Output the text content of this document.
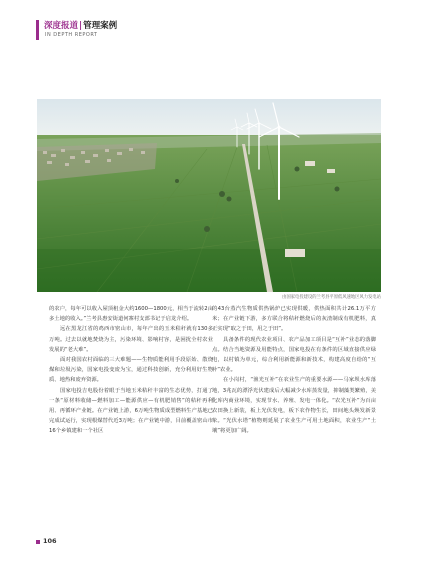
深度报道|管理案例
IN DEPTH REPORT
由国家电投建设的兰考县平原低风速地区风力发电站

的农户，每年可以收入屋顶租金大约1600—1800元，相当于流转2亩多土地的收入。”兰考县惠安街道何寨村支部书记于启龙介绍。

远在黑龙江省的鸡西市密山市，每年产出的玉米秸秆就有130多万吨。过去以就地焚烧为主，污染环境、影响村容，是困扰全村农业发展的“老大难”。

面对我国农村面临的三大难题——生物质能利用手段原始、散烧煤和垃圾污染，国家电投变废为宝，通过科技创新，充分利用好生物质、地热和废弃资源。

国家电投吉电股份着眼于当地玉米秸秆丰富的生态优势，打通了一条“原材料收储—燃料加工—能源供应—有机肥销售”的秸秆再利用、再循环产业链。在产业链上游，6万吨生物质成型燃料生产基地已完成试运行，实现根煤替代近3万吨；在产业链中游，目前覆盖密山市16个乡镇建和一个社区

的43台蒸汽生物质供热锅炉已实现供暖，供热面积共计26.1万平方米；在产业链下游，多方联合将秸秆燃烧后的灰渣制成有机肥料，真正实现“取之于田，用之于田”。

具备条件的现代农业项目、农产品加工项目是“互补”业态的落脚点。结合当地资源及用能特点，国家电投在有条件的区域直接供应绿电，以村镇为单元，综合利用新能源和新技术，构建高度自给的“互补”农业。

在小岗村，“渔光互补”在农业生产的重要水源——马家坝水库落地，3兆瓦的漂浮光伏建成后大幅减少水库蒸发量，抑制藻类繁殖，美化库内商业环境，实现节水、养殖、发电一体化。“农光互补”为百亩农田换上新装，板上光伏发电，板下农作物生长，田间地头焕发新景象。“光伏水塔”植物则延展了农业生产可用土地面积，农业生产“土壤”将更加广阔。

106
